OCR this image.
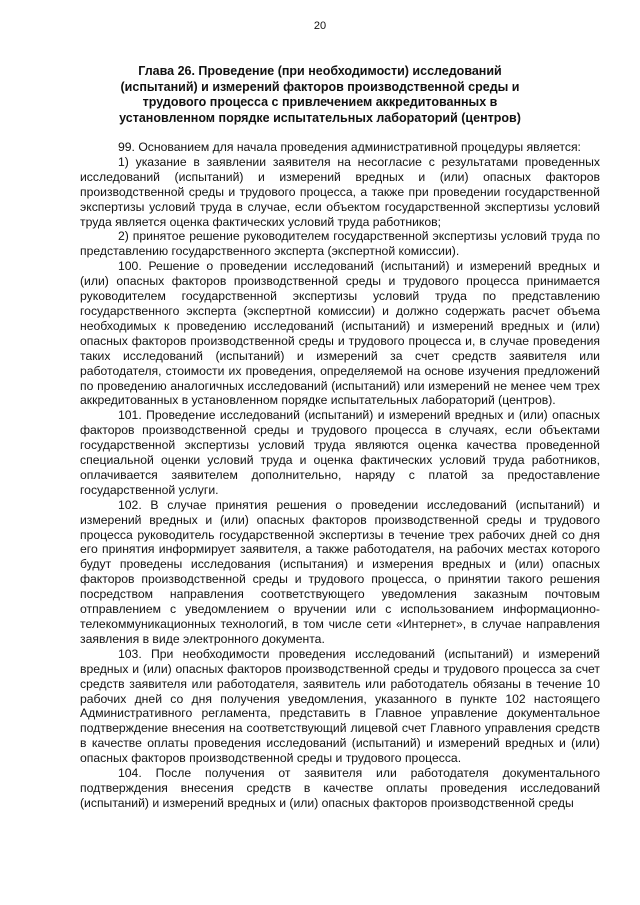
20
Глава 26. Проведение (при необходимости) исследований (испытаний) и измерений факторов производственной среды и трудового процесса с привлечением аккредитованных в установленном порядке испытательных лабораторий (центров)

99. Основанием для начала проведения административной процедуры является:

1) указание в заявлении заявителя на несогласие с результатами проведенных исследований (испытаний) и измерений вредных и (или) опасных факторов производственной среды и трудового процесса, а также при проведении государственной экспертизы условий труда в случае, если объектом государственной экспертизы условий труда является оценка фактических условий труда работников;

2) принятое решение руководителем государственной экспертизы условий труда по представлению государственного эксперта (экспертной комиссии).

100. Решение о проведении исследований (испытаний) и измерений вредных и (или) опасных факторов производственной среды и трудового процесса принимается руководителем государственной экспертизы условий труда по представлению государственного эксперта (экспертной комиссии) и должно содержать расчет объема необходимых к проведению исследований (испытаний) и измерений вредных и (или) опасных факторов производственной среды и трудового процесса и, в случае проведения таких исследований (испытаний) и измерений за счет средств заявителя или работодателя, стоимости их проведения, определяемой на основе изучения предложений по проведению аналогичных исследований (испытаний) или измерений не менее чем трех аккредитованных в установленном порядке испытательных лабораторий (центров).

101. Проведение исследований (испытаний) и измерений вредных и (или) опасных факторов производственной среды и трудового процесса в случаях, если объектами государственной экспертизы условий труда являются оценка качества проведенной специальной оценки условий труда и оценка фактических условий труда работников, оплачивается заявителем дополнительно, наряду с платой за предоставление государственной услуги.

102. В случае принятия решения о проведении исследований (испытаний) и измерений вредных и (или) опасных факторов производственной среды и трудового процесса руководитель государственной экспертизы в течение трех рабочих дней со дня его принятия информирует заявителя, а также работодателя, на рабочих местах которого будут проведены исследования (испытания) и измерения вредных и (или) опасных факторов производственной среды и трудового процесса, о принятии такого решения посредством направления соответствующего уведомления заказным почтовым отправлением с уведомлением о вручении или с использованием информационно-телекоммуникационных технологий, в том числе сети «Интернет», в случае направления заявления в виде электронного документа.

103. При необходимости проведения исследований (испытаний) и измерений вредных и (или) опасных факторов производственной среды и трудового процесса за счет средств заявителя или работодателя, заявитель или работодатель обязаны в течение 10 рабочих дней со дня получения уведомления, указанного в пункте 102 настоящего Административного регламента, представить в Главное управление документальное подтверждение внесения на соответствующий лицевой счет Главного управления средств в качестве оплаты проведения исследований (испытаний) и измерений вредных и (или) опасных факторов производственной среды и трудового процесса.

104. После получения от заявителя или работодателя документального подтверждения внесения средств в качестве оплаты проведения исследований (испытаний) и измерений вредных и (или) опасных факторов производственной среды
